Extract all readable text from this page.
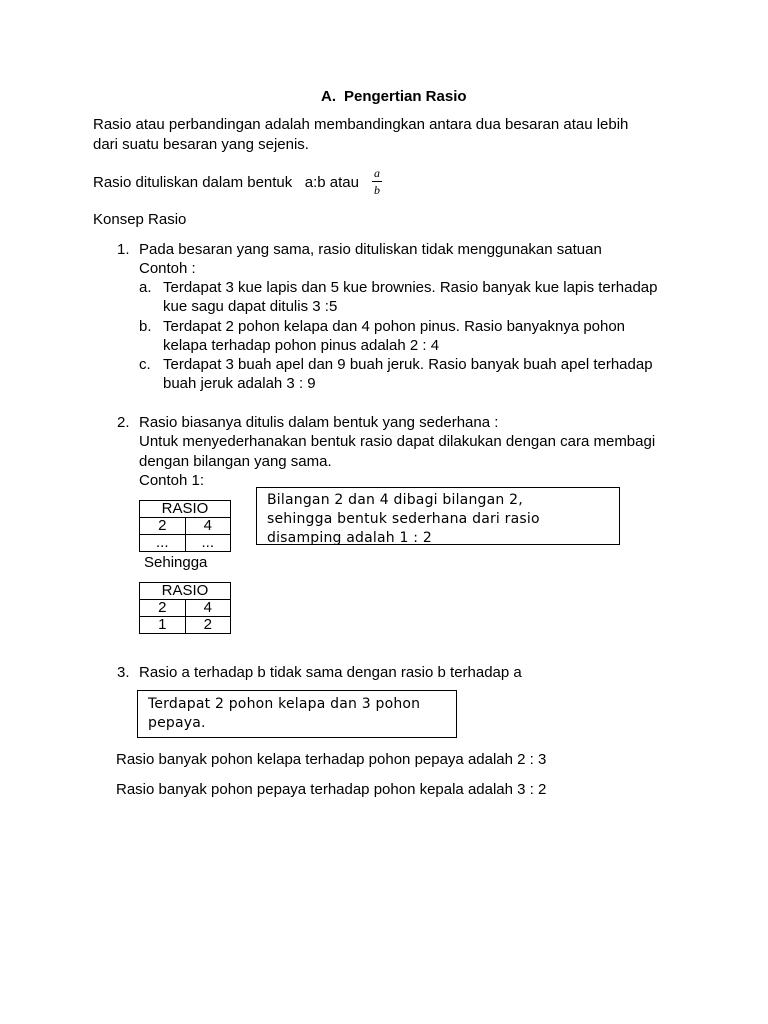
A. Pengertian Rasio
Rasio atau perbandingan adalah membandingkan antara dua besaran atau lebih
dari suatu besaran yang sejenis.
Rasio dituliskan dalam bentuk   a:b atau
a
b
Konsep Rasio
1. Pada besaran yang sama, rasio dituliskan tidak menggunakan satuan
Contoh :
a. Terdapat 3 kue lapis dan 5 kue brownies. Rasio banyak kue lapis terhadap
kue sagu dapat ditulis 3 :5
b. Terdapat 2 pohon kelapa dan 4 pohon pinus. Rasio banyaknya pohon
kelapa terhadap pohon pinus adalah 2 : 4
c. Terdapat 3 buah apel dan 9 buah jeruk. Rasio banyak buah apel terhadap
buah jeruk adalah 3 : 9
2. Rasio biasanya ditulis dalam bentuk yang sederhana :
Untuk menyederhanakan bentuk rasio dapat dilakukan dengan cara membagi
dengan bilangan yang sama.
Contoh 1:
RASIO	
2	4
...	...
Bilangan 2 dan 4 dibagi bilangan 2,
sehingga bentuk sederhana dari rasio
disamping adalah 1 : 2
Sehingga
RASIO	
2	4
1	2
3. Rasio a terhadap b tidak sama dengan rasio b terhadap a
Terdapat 2 pohon kelapa dan 3 pohon
pepaya.
Rasio banyak pohon kelapa terhadap pohon pepaya adalah 2 : 3
Rasio banyak pohon pepaya terhadap pohon kepala adalah 3 : 2
